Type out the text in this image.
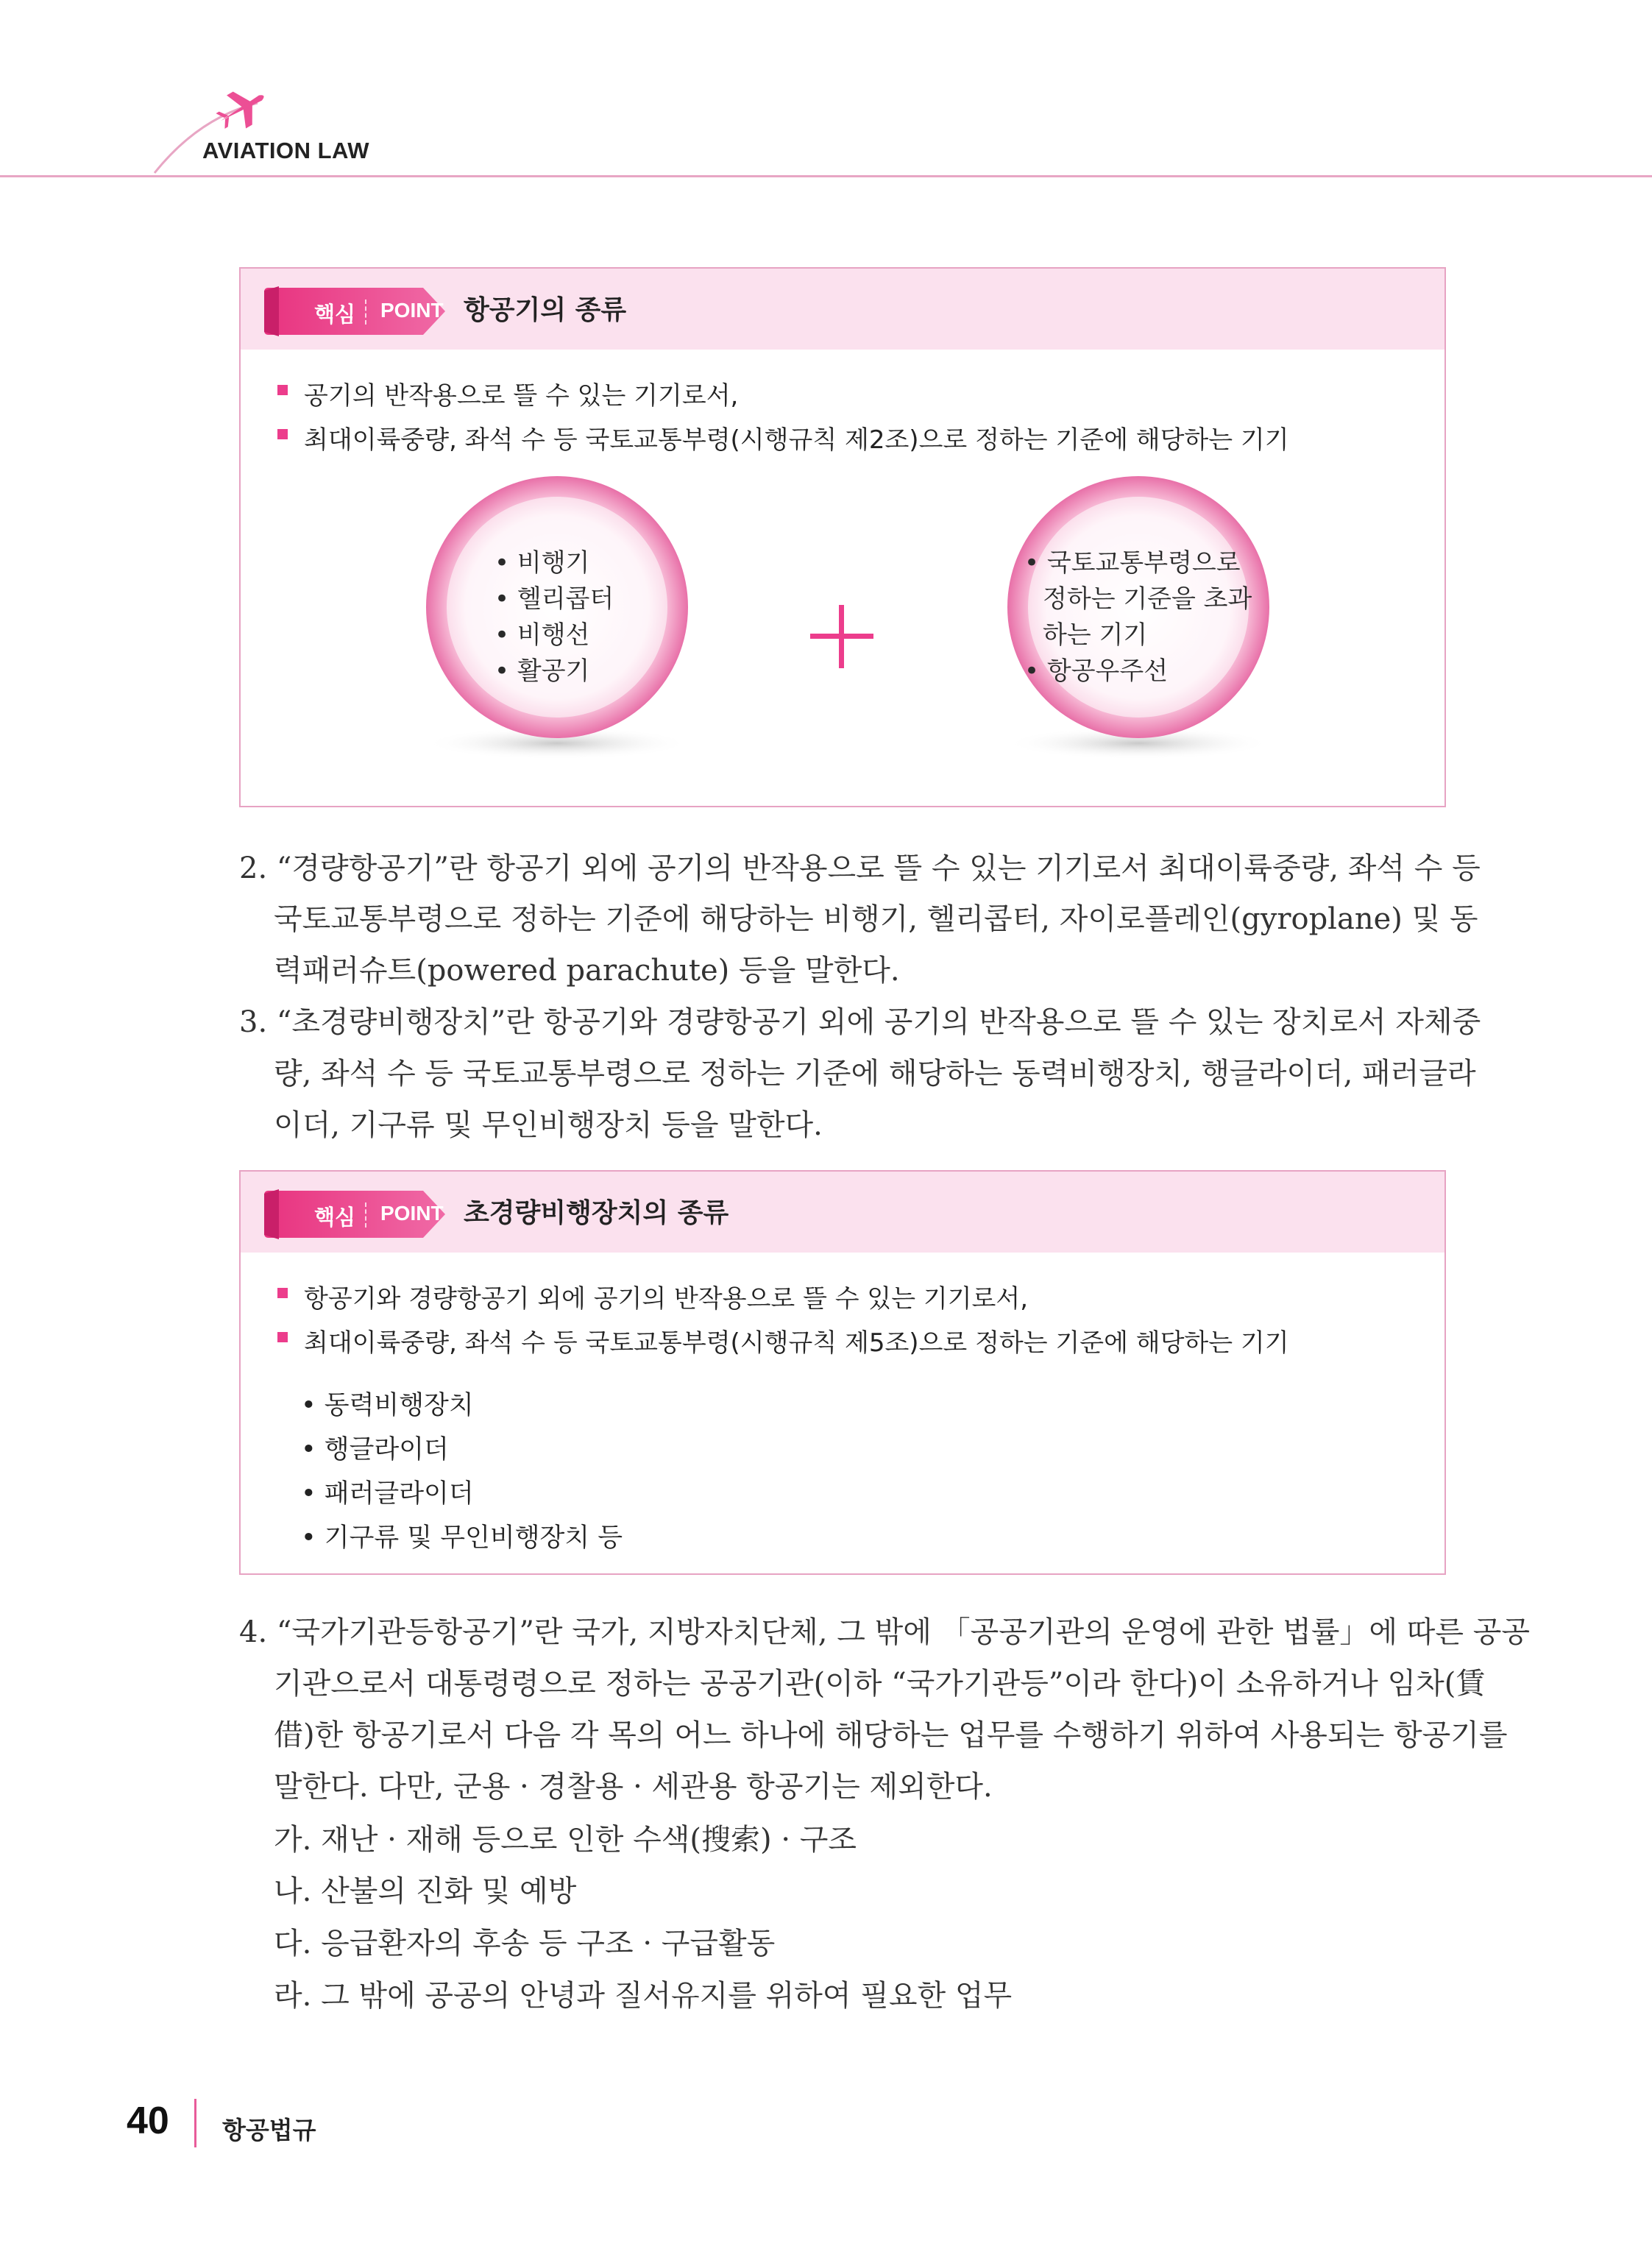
AVIATION LAW
핵심 POINT 항공기의 종류
공기의 반작용으로 뜰 수 있는 기기로서,
최대이륙중량, 좌석 수 등 국토교통부령(시행규칙 제2조)으로 정하는 기준에 해당하는 기기
• 비행기
• 헬리콥터
• 비행선
• 활공기
• 국토교통부령으로
정하는 기준을 초과
하는 기기
• 항공우주선
2. “경량항공기”란 항공기 외에 공기의 반작용으로 뜰 수 있는 기기로서 최대이륙중량, 좌석 수 등
국토교통부령으로 정하는 기준에 해당하는 비행기, 헬리콥터, 자이로플레인(gyroplane) 및 동
력패러슈트(powered parachute) 등을 말한다.
3. “초경량비행장치”란 항공기와 경량항공기 외에 공기의 반작용으로 뜰 수 있는 장치로서 자체중
량, 좌석 수 등 국토교통부령으로 정하는 기준에 해당하는 동력비행장치, 행글라이더, 패러글라
이더, 기구류 및 무인비행장치 등을 말한다.
핵심 POINT 초경량비행장치의 종류
항공기와 경량항공기 외에 공기의 반작용으로 뜰 수 있는 기기로서,
최대이륙중량, 좌석 수 등 국토교통부령(시행규칙 제5조)으로 정하는 기준에 해당하는 기기
• 동력비행장치
• 행글라이더
• 패러글라이더
• 기구류 및 무인비행장치 등
4. “국가기관등항공기”란 국가, 지방자치단체, 그 밖에 「공공기관의 운영에 관한 법률」에 따른 공공
기관으로서 대통령령으로 정하는 공공기관(이하 “국가기관등”이라 한다)이 소유하거나 임차(賃
借)한 항공기로서 다음 각 목의 어느 하나에 해당하는 업무를 수행하기 위하여 사용되는 항공기를
말한다. 다만, 군용 · 경찰용 · 세관용 항공기는 제외한다.
가. 재난 · 재해 등으로 인한 수색(搜索) · 구조
나. 산불의 진화 및 예방
다. 응급환자의 후송 등 구조 · 구급활동
라. 그 밖에 공공의 안녕과 질서유지를 위하여 필요한 업무
40 항공법규
